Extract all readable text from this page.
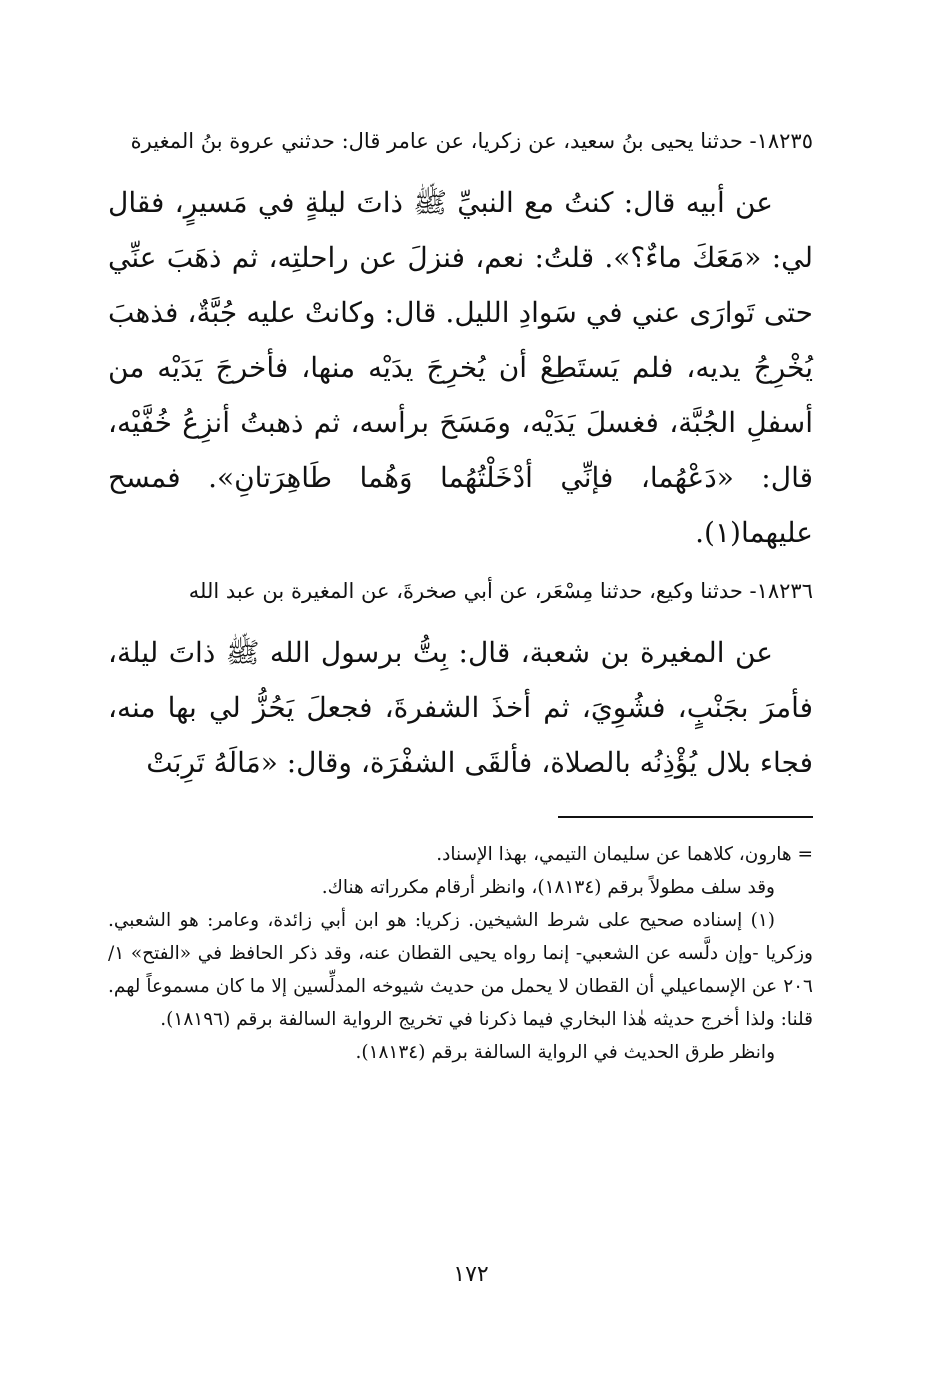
١٨٢٣٥- حدثنا يحيى بنُ سعيد، عن زكريا، عن عامر قال: حدثني عروة بنُ المغيرة

عن أبيه قال: كنتُ مع النبيِّ ﷺ ذاتَ ليلةٍ في مَسيرٍ، فقال لي: «مَعَكَ ماءٌ؟». قلتُ: نعم، فنزلَ عن راحلتِه، ثم ذهَبَ عنِّي حتى تَوارَى عني في سَوادِ الليل. قال: وكانتْ عليه جُبَّةٌ، فذهبَ يُخْرِجُ يديه، فلم يَستَطِعْ أن يُخرِجَ يدَيْه منها، فأخرجَ يَدَيْه من أسفلِ الجُبَّة، فغسلَ يَدَيْه، ومَسَحَ برأسه، ثم ذهبتُ أنزِعُ خُفَّيْه، قال: «دَعْهُما، فإنِّي أدْخَلْتُهُما وَهُما طَاهِرَتانِ». فمسح عليهما(١).

١٨٢٣٦- حدثنا وكيع، حدثنا مِسْعَر، عن أبي صخرةَ، عن المغيرة بن عبد الله

عن المغيرة بن شعبة، قال: بِتُّ برسول الله ﷺ ذاتَ ليلة، فأمرَ بجَنْبٍ، فشُوِيَ، ثم أخذَ الشفرةَ، فجعلَ يَحُزُّ لي بها منه، فجاء بلال يُؤْذِنُه بالصلاة، فألقَى الشفْرَة، وقال: «مَالَهُ تَرِبَتْ

= هارون، كلاهما عن سليمان التيمي، بهذا الإسناد.

وقد سلف مطولاً برقم (١٨١٣٤)، وانظر أرقام مكرراته هناك.

(١) إسناده صحيح على شرط الشيخين. زكريا: هو ابن أبي زائدة، وعامر: هو الشعبي. وزكريا -وإن دلَّسه عن الشعبي- إنما رواه يحيى القطان عنه، وقد ذكر الحافظ في «الفتح» ١/ ٢٠٦ عن الإسماعيلي أن القطان لا يحمل من حديث شيوخه المدلِّسين إلا ما كان مسموعاً لهم. قلنا: ولذا أخرج حديثه هٰذا البخاري فيما ذكرنا في تخريج الرواية السالفة برقم (١٨١٩٦).

وانظر طرق الحديث في الرواية السالفة برقم (١٨١٣٤).

١٧٢
